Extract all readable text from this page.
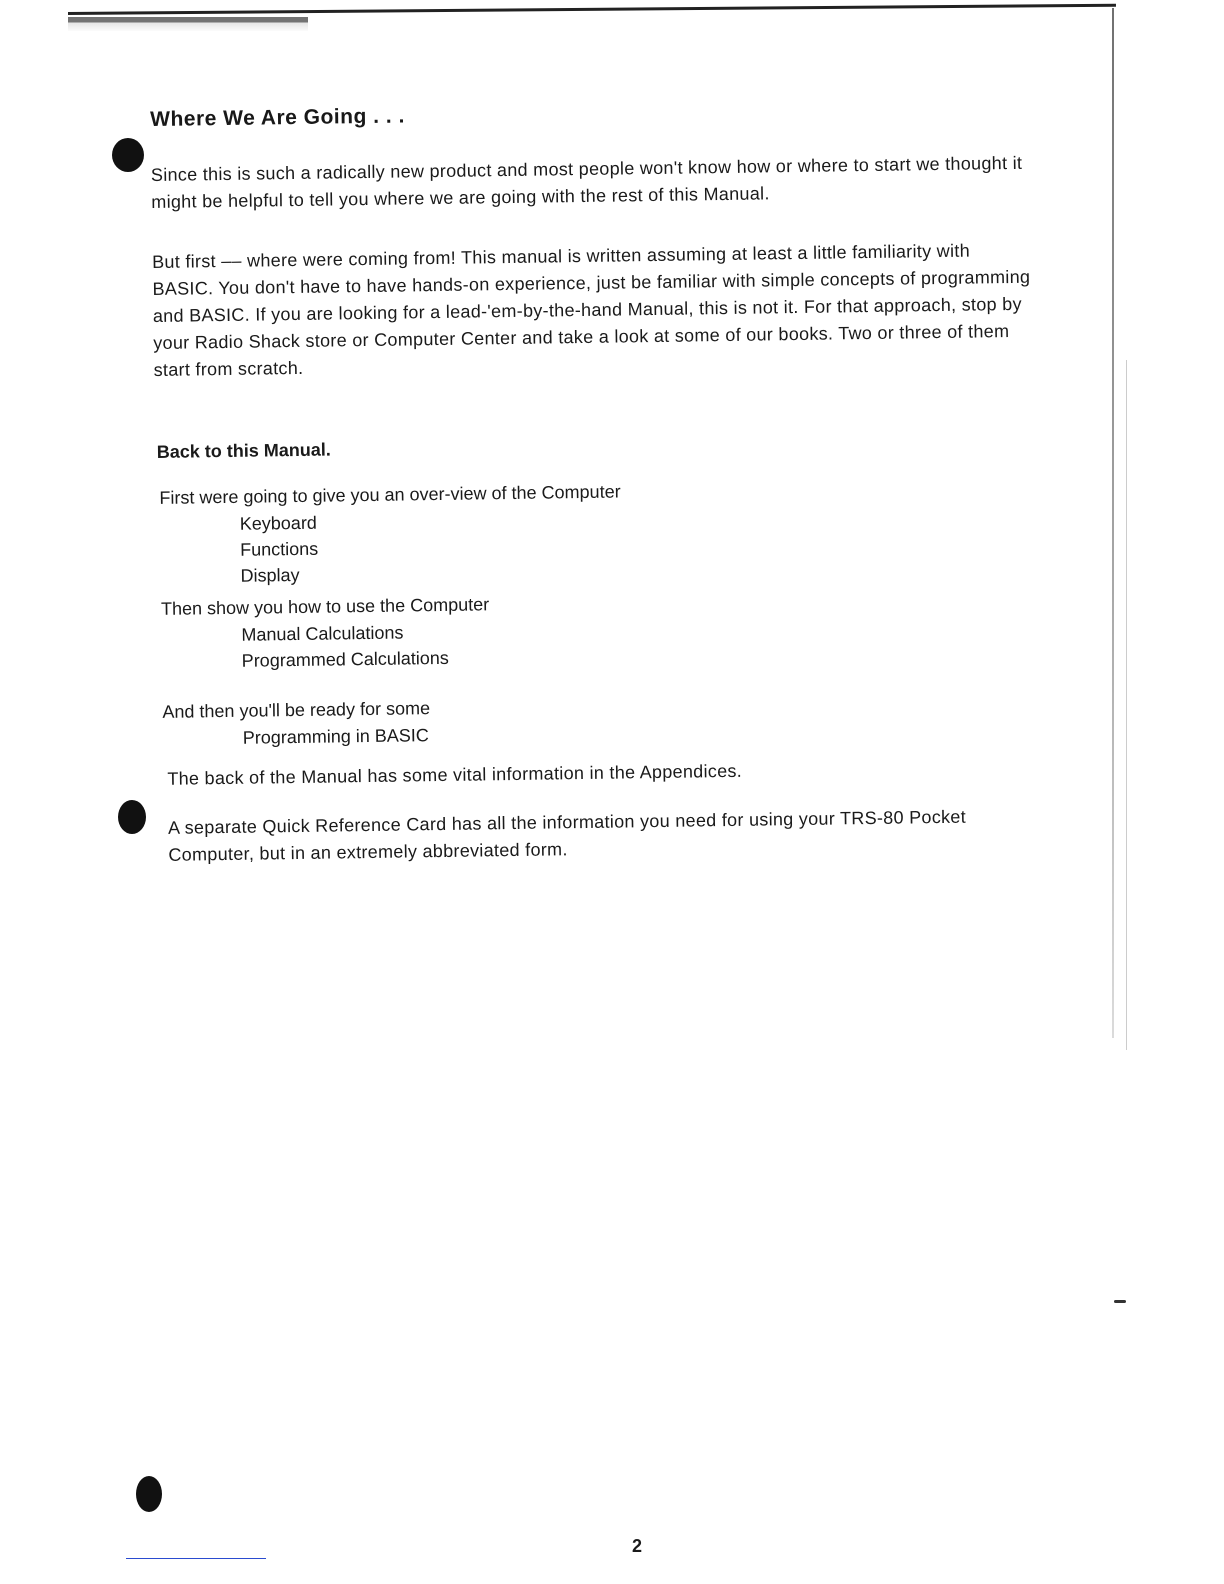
Where We Are Going . . .

Since this is such a radically new product and most people won't know how or where to start we thought it might be helpful to tell you where we are going with the rest of this Manual.

But first –– where were coming from! This manual is written assuming at least a little familiarity with BASIC. You don't have to have hands-on experience, just be familiar with simple concepts of programming and BASIC. If you are looking for a lead-'em-by-the-hand Manual, this is not it. For that approach, stop by your Radio Shack store or Computer Center and take a look at some of our books. Two or three of them start from scratch.

Back to this Manual.
First were going to give you an over-view of the Computer
Keyboard
Functions
Display
Then show you how to use the Computer
Manual Calculations
Programmed Calculations
And then you'll be ready for some
Programming in BASIC

The back of the Manual has some vital information in the Appendices.

A separate Quick Reference Card has all the information you need for using your TRS-80 Pocket Computer, but in an extremely abbreviated form.

2
